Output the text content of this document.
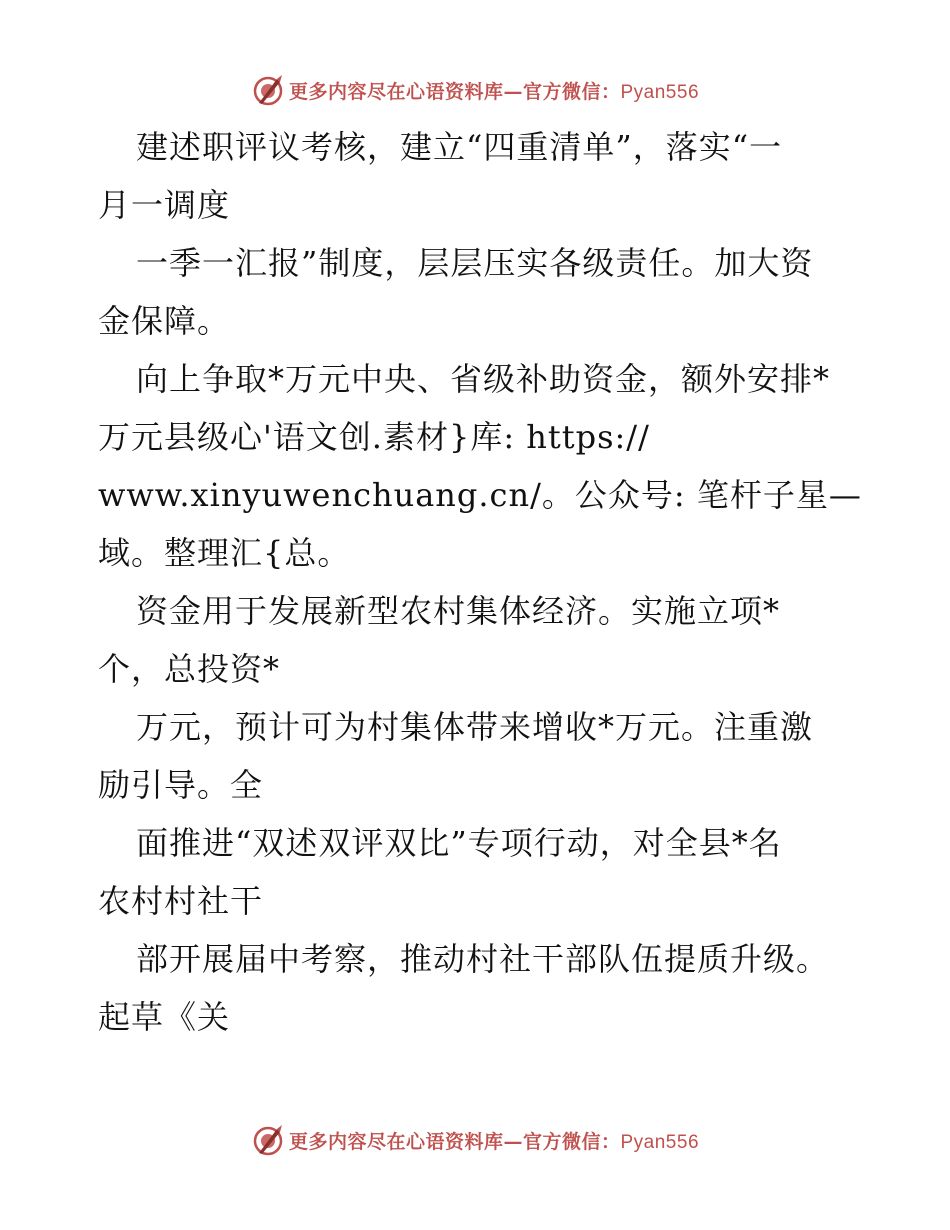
更多内容尽在心语资料库—官方微信：Pyan556
建述职评议考核，建立“四重清单”，落实“一
月一调度
一季一汇报”制度，层层压实各级责任。加大资
金保障。
向上争取*万元中央、省级补助资金，额外安排*
万元县级心'语文创.素材}库: https://
www.xinyuwenchuang.cn/。公众号: 笔杆子星—
域。整理汇{总。
资金用于发展新型农村集体经济。实施立项*
个，总投资*
万元，预计可为村集体带来增收*万元。注重激
励引导。全
面推进“双述双评双比”专项行动，对全县*名
农村村社干
部开展届中考察，推动村社干部队伍提质升级。
起草《关
更多内容尽在心语资料库—官方微信：Pyan556
